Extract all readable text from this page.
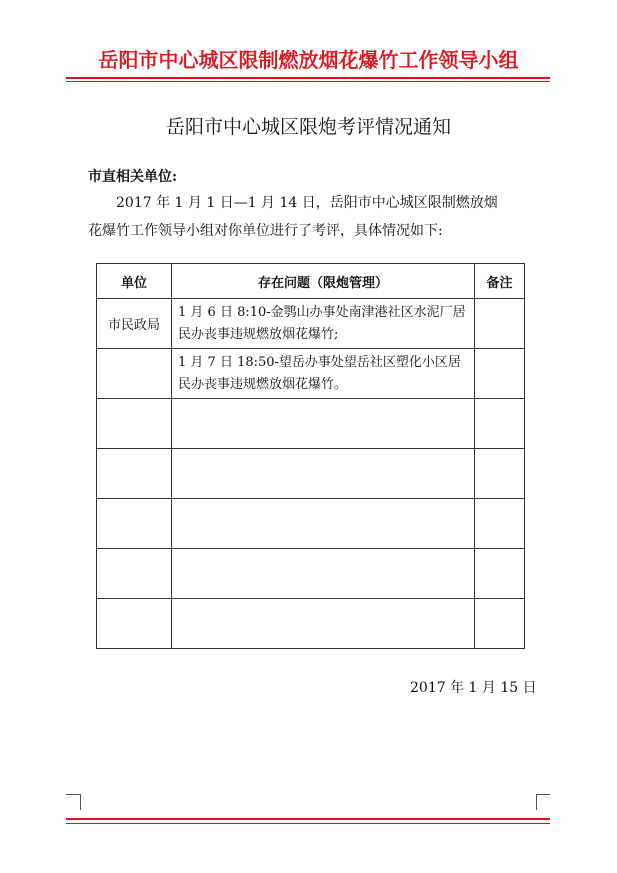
岳阳市中心城区限制燃放烟花爆竹工作领导小组
岳阳市中心城区限炮考评情况通知
市直相关单位:
2017 年 1 月 1 日—1 月 14 日，岳阳市中心城区限制燃放烟
花爆竹工作领导小组对你单位进行了考评，具体情况如下:
单位	存在问题（限炮管理）	备注
市民政局	1 月 6 日 8:10-金鹗山办事处南津港社区水泥厂居民办丧事违规燃放烟花爆竹;	
	1 月 7 日 18:50-望岳办事处望岳社区塑化小区居民办丧事违规燃放烟花爆竹。	

2017 年 1 月 15 日
